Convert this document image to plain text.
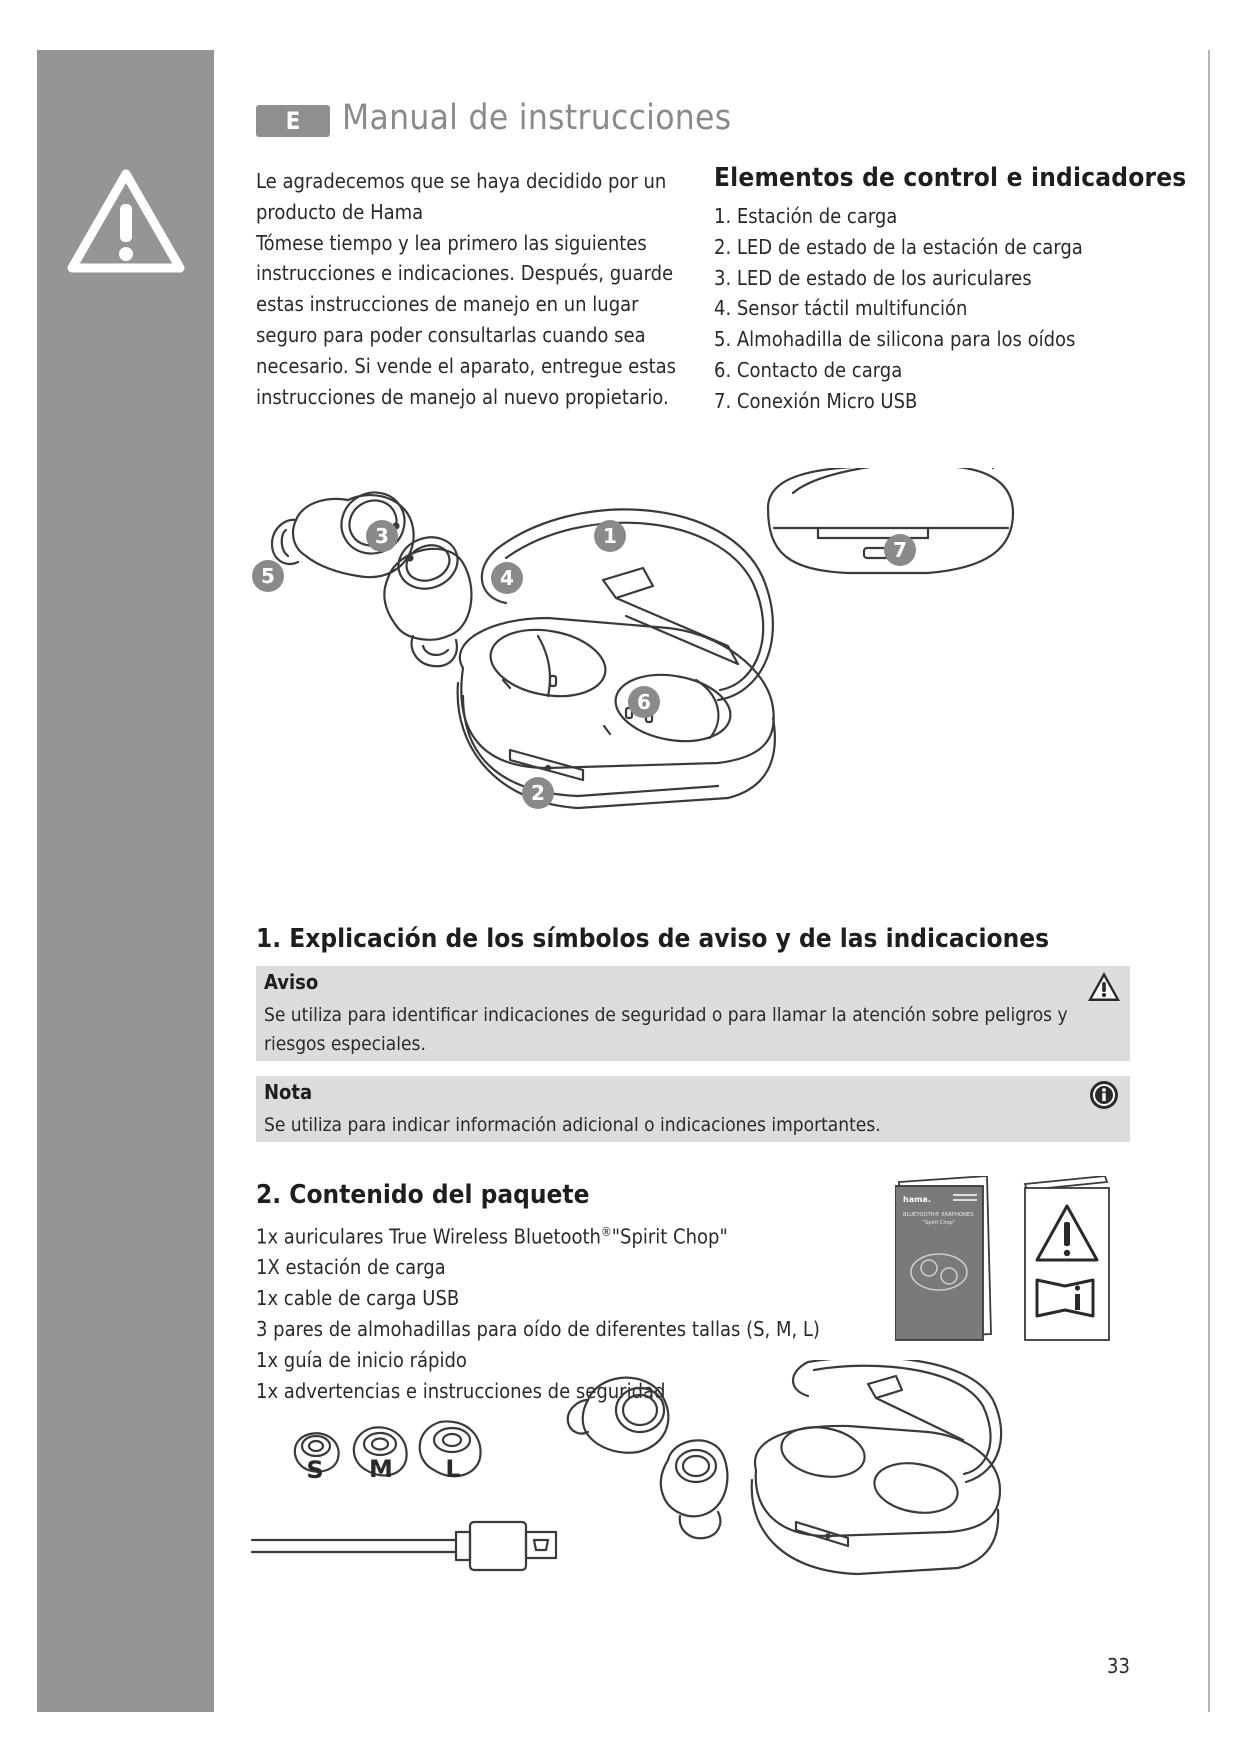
E	Manual de instrucciones

Le agradecemos que se haya decidido por un producto de Hama

Tómese tiempo y lea primero las siguientes instrucciones e indicaciones. Después, guarde estas instrucciones de manejo en un lugar seguro para poder consultarlas cuando sea necesario. Si vende el aparato, entregue estas instrucciones de manejo al nuevo propietario.

Elementos de control e indicadores
1. Estación de carga
2. LED de estado de la estación de carga
3. LED de estado de los auriculares
4. Sensor táctil multifunción
5. Almohadilla de silicona para los oídos
6. Contacto de carga
7. Conexión Micro USB
3
5	4
1
6
2
7
1. Explicación de los símbolos de aviso y de las indicaciones
Aviso
Se utiliza para identificar indicaciones de seguridad o para llamar la atención sobre peligros y riesgos especiales.
Nota
Se utiliza para indicar información adicional o indicaciones importantes.
2. Contenido del paquete
1x auriculares True Wireless Bluetooth®"Spirit Chop"
1X estación de carga
1x cable de carga USB
3 pares de almohadillas para oído de diferentes tallas (S, M, L)
1x guía de inicio rápido
1x advertencias e instrucciones de seguridad
hama.
BLUETOOTH® EARPHONES
"Spirit Chop"
S M L
33
